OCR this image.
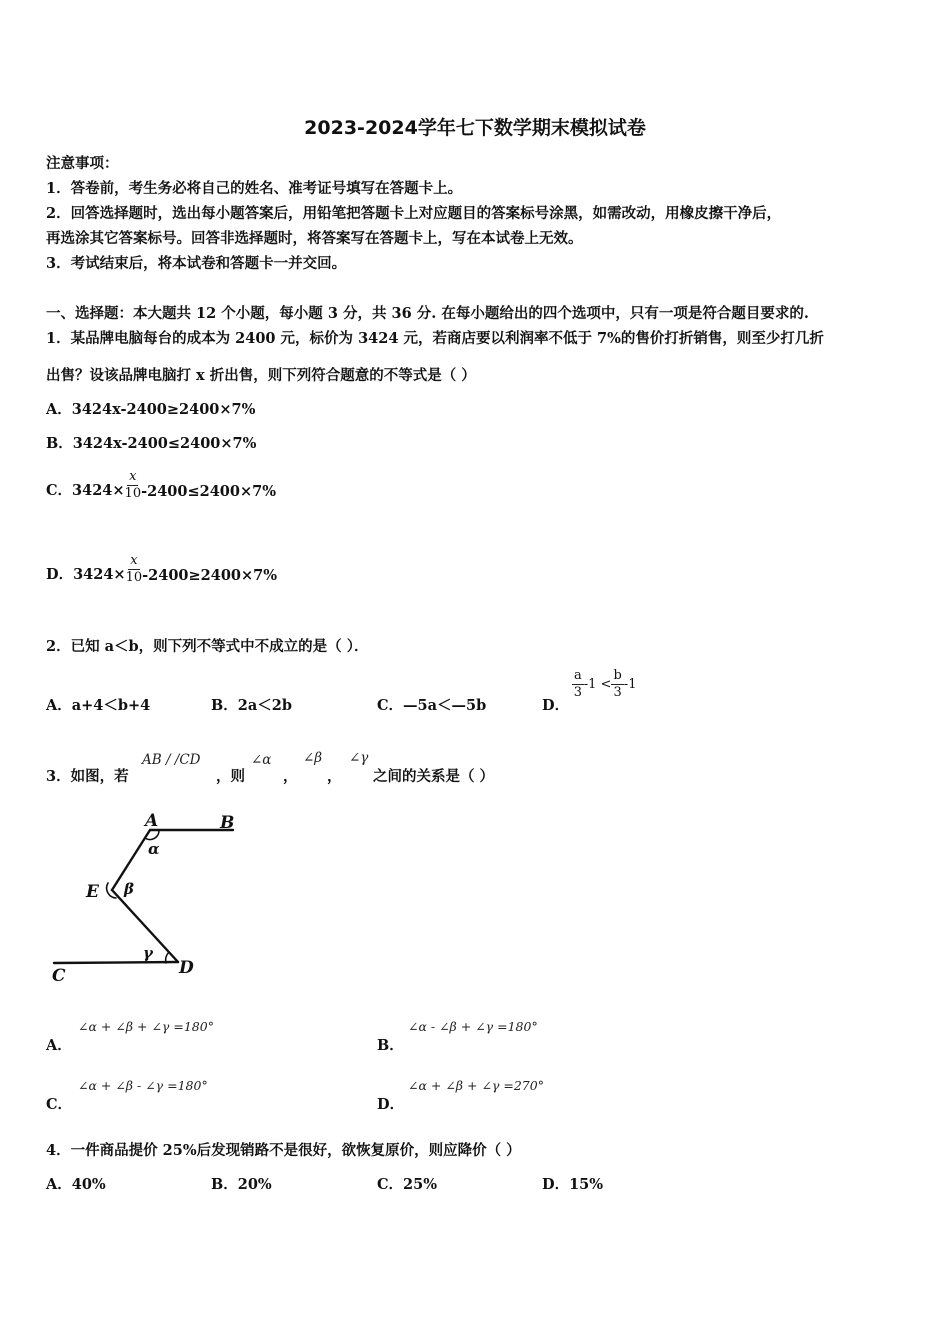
2023-2024学年七下数学期末模拟试卷
注意事项：
1．答卷前，考生务必将自己的姓名、准考证号填写在答题卡上。
2．回答选择题时，选出每小题答案后，用铅笔把答题卡上对应题目的答案标号涂黑，如需改动，用橡皮擦干净后，
再选涂其它答案标号。回答非选择题时，将答案写在答题卡上，写在本试卷上无效。
3．考试结束后，将本试卷和答题卡一并交回。
一、选择题：本大题共 12 个小题，每小题 3 分，共 36 分. 在每小题给出的四个选项中，只有一项是符合题目要求的.
1．某品牌电脑每台的成本为 2400 元，标价为 3424 元，若商店要以利润率不低于 7%的售价打折销售，则至少打几折
出售？设该品牌电脑打 x 折出售，则下列符合题意的不等式是（ ）
A．3424x-2400≥2400×7%
B．3424x-2400≤2400×7%
C．$3424\times \frac{x}{10} -2400\le 2400\times 7\%$
D．$3424\times \frac{x}{10} -2400\ge 2400\times 7\%$
2．已知 a＜b，则下列不等式中不成立的是（ ）．
A．a+4＜b+4	B．2a＜2b	C．—5a＜—5b	D．
$\frac{a}{3} -1 < \frac{b}{3} -1$
3．如图，若
AB / /CD
，则
∠α
，
∠β
，
∠γ
之间的关系是（ ）
A	B
E
C	D
α
β
γ
∠α + ∠β + ∠γ =180°
A．
∠α - ∠β + ∠γ =180°
B．
∠α + ∠β - ∠γ =180°
C．
∠α + ∠β + ∠γ =270°
D．
4．一件商品提价 25%后发现销路不是很好，欲恢复原价，则应降价（ ）
A．40%	B．20%	C．25%	D．15%
